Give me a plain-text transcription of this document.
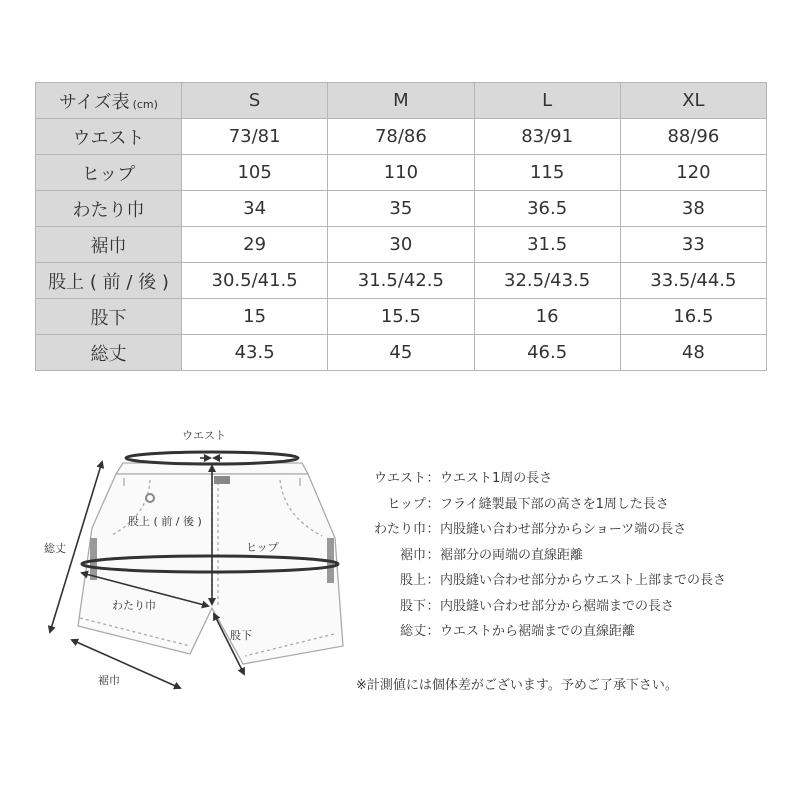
サイズ表 (cm)	S	M	L	XL
ウエスト	73/81	78/86	83/91	88/96
ヒップ	105	110	115	120
わたり巾	34	35	36.5	38
裾巾	29	30	31.5	33
股上 ( 前 / 後 )	30.5/41.5	31.5/42.5	32.5/43.5	33.5/44.5
股下	15	15.5	16	16.5
総丈	43.5	45	46.5	48
ウエスト
股上 ( 前 / 後 )
ヒップ
総丈
わたり巾
股下
裾巾
ウエスト：ウエスト1周の長さ
ヒップ：フライ縫製最下部の高さを1周した長さ
わたり巾：内股縫い合わせ部分からショーツ端の長さ
裾巾：裾部分の両端の直線距離
股上：内股縫い合わせ部分からウエスト上部までの長さ
股下：内股縫い合わせ部分から裾端までの長さ
総丈：ウエストから裾端までの直線距離
※計測値には個体差がございます。予めご了承下さい。
